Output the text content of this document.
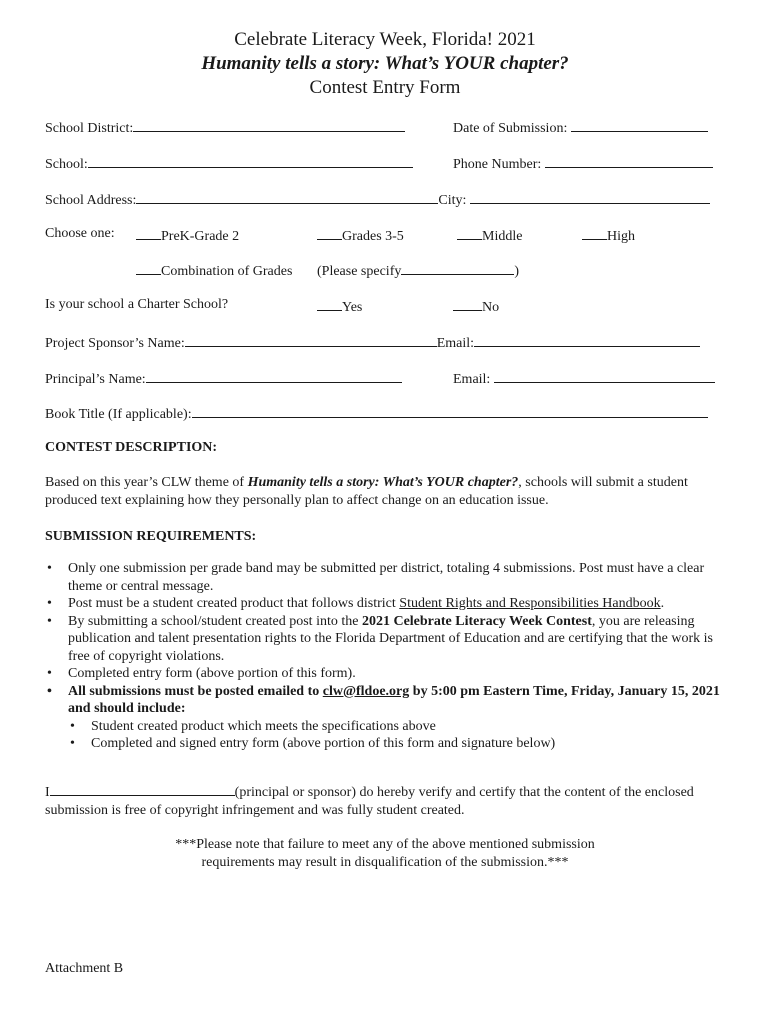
Celebrate Literacy Week, Florida! 2021
Humanity tells a story: What’s YOUR chapter?
Contest Entry Form
School District:	Date of Submission:
School:	Phone Number:
School Address:	City:
Choose one:	PreK-Grade 2	Grades 3-5	Middle	High
Combination of Grades (Please specify	)
Is your school a Charter School?	Yes	No
Project Sponsor’s Name:	Email:
Principal’s Name:	Email:
Book Title (If applicable):
CONTEST DESCRIPTION:
Based on this year’s CLW theme of Humanity tells a story: What’s YOUR chapter?, schools will submit a student produced text explaining how they personally plan to affect change on an education issue.
SUBMISSION REQUIREMENTS:
• Only one submission per grade band may be submitted per district, totaling 4 submissions. Post must have a clear theme or central message.
• Post must be a student created product that follows district Student Rights and Responsibilities Handbook.
• By submitting a school/student created post into the 2021 Celebrate Literacy Week Contest, you are releasing publication and talent presentation rights to the Florida Department of Education and are certifying that the work is free of copyright violations.
• Completed entry form (above portion of this form).
• All submissions must be posted emailed to clw@fldoe.org by 5:00 pm Eastern Time, Friday, January 15, 2021 and should include:
• Student created product which meets the specifications above
• Completed and signed entry form (above portion of this form and signature below)
I	(principal or sponsor) do hereby verify and certify that the content of the enclosed submission is free of copyright infringement and was fully student created.
***Please note that failure to meet any of the above mentioned submission
requirements may result in disqualification of the submission.***
Attachment B
